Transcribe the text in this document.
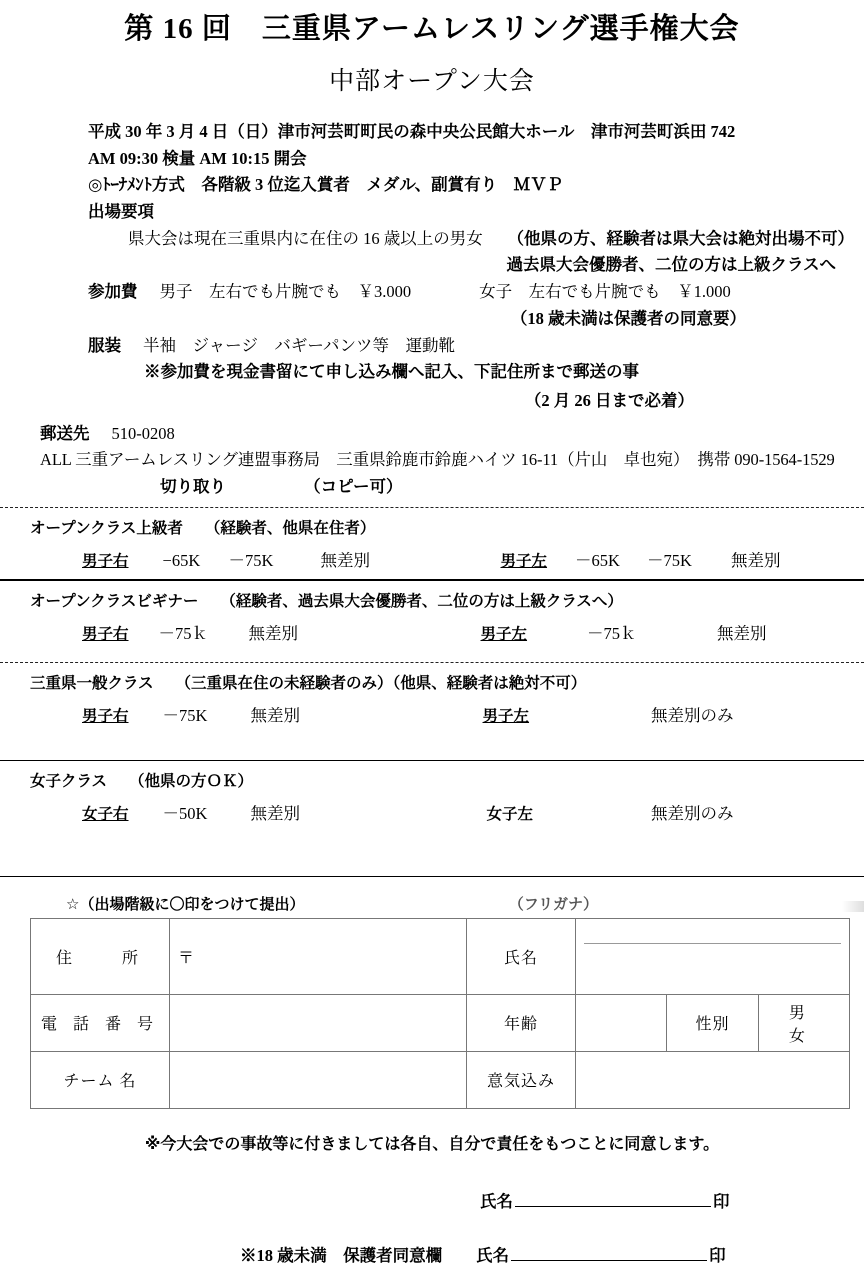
第 16 回　三重県アームレスリング選手権大会
中部オープン大会
平成 30 年 3 月 4 日（日）津市河芸町町民の森中央公民館大ホール　津市河芸町浜田 742
AM 09:30 検量 AM 10:15 開会
◎ﾄｰﾅﾒﾝﾄ方式　各階級 3 位迄入賞者　メダル、副賞有り　ＭＶＰ
出場要項
県大会は現在三重県内に在住の 16 歳以上の男女 （他県の方、経験者は県大会は絶対出場不可）
過去県大会優勝者、二位の方は上級クラスへ
参加費 男子　左右でも片腕でも　￥3.000	女子　左右でも片腕でも　￥1.000
（18 歳未満は保護者の同意要）
服装 半袖　ジャージ　バギーパンツ等　運動靴
※参加費を現金書留にて申し込み欄へ記入、下記住所まで郵送の事
（2 月 26 日まで必着）
郵送先 510-0208
ALL 三重アームレスリング連盟事務局　三重県鈴鹿市鈴鹿ハイツ 16-11（片山　卓也宛）　携帯 090-1564-1529
切り取り	（コピー可）
オープンクラス上級者 （経験者、他県在住者）
男子右 −65K	－75K	無差別	男子左 －65K	－75K	無差別
オープンクラスビギナー （経験者、過去県大会優勝者、二位の方は上級クラスへ）
男子右 －75ｋ	無差別	男子左	－75ｋ	無差別
三重県一般クラス （三重県在住の未経験者のみ）（他県、経験者は絶対不可）
男子右 －75K	無差別	男子左	無差別のみ
女子クラス （他県の方ＯＫ）
女子右 －50K	無差別	女子左	無差別のみ
☆（出場階級に〇印をつけて提出）	（フリガナ）
住　　所	〒	氏名			

電 話 番 号		年齢		性別	男　女
チーム 名		意気込み			
※今大会での事故等に付きましては各自、自分で責任をもつことに同意します。
氏名	印
※18 歳未満　保護者同意欄 氏名	印
